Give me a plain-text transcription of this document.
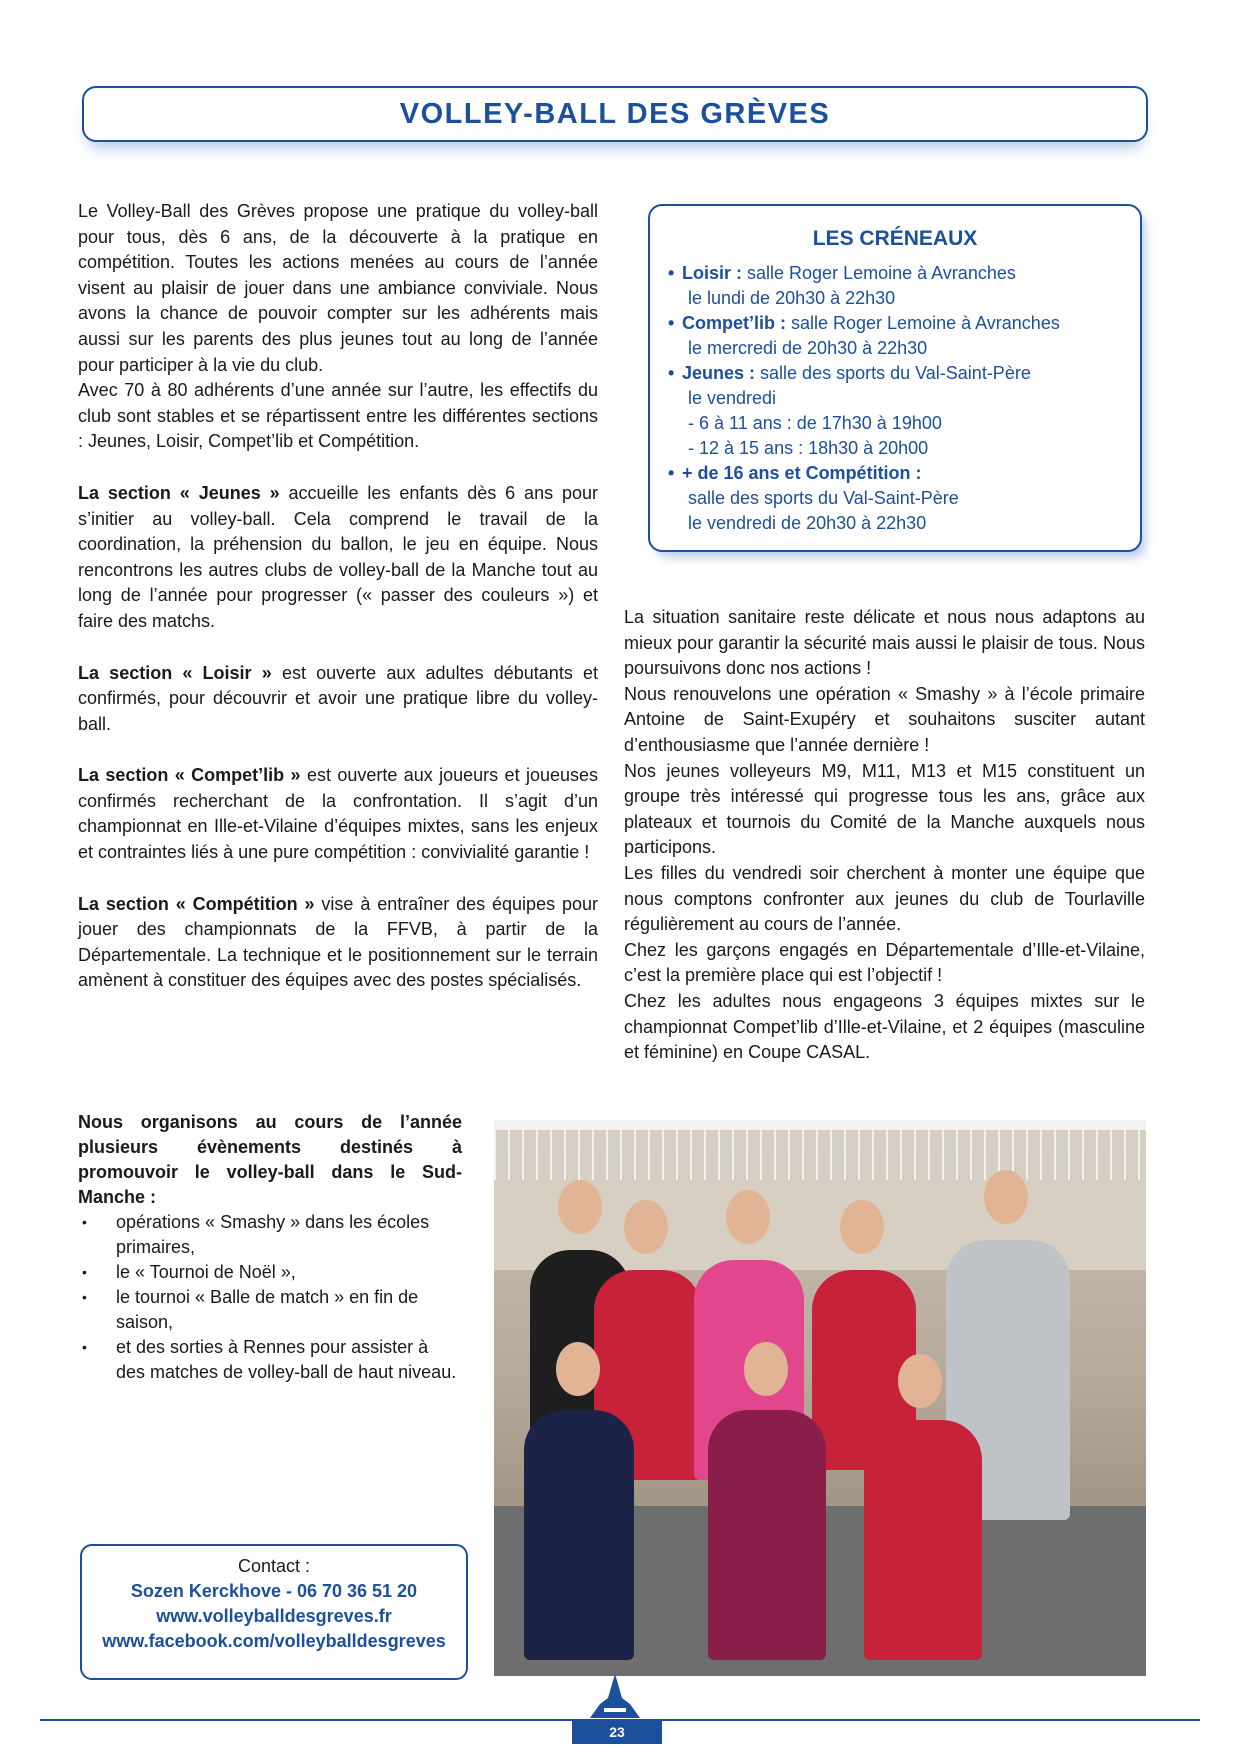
VOLLEY-BALL DES GRÈVES

Le Volley-Ball des Grèves propose une pratique du volley-ball pour tous, dès 6 ans, de la découverte à la pratique en compétition. Toutes les actions menées au cours de l’année visent au plaisir de jouer dans une ambiance conviviale. Nous avons la chance de pouvoir compter sur les adhérents mais aussi sur les parents des plus jeunes tout au long de l’année pour participer à la vie du club.
Avec 70 à 80 adhérents d’une année sur l’autre, les effectifs du club sont stables et se répartissent entre les différentes sections : Jeunes, Loisir, Compet’lib et Compétition.

La section « Jeunes » accueille les enfants dès 6 ans pour s’initier au volley-ball. Cela comprend le travail de la coordination, la préhension du ballon, le jeu en équipe. Nous rencontrons les autres clubs de volley-ball de la Manche tout au long de l’année pour progresser (« passer des couleurs ») et faire des matchs.

La section « Loisir » est ouverte aux adultes débutants et confirmés, pour découvrir et avoir une pratique libre du volley-ball.

La section « Compet’lib » est ouverte aux joueurs et joueuses confirmés recherchant de la confrontation. Il s’agit d’un championnat en Ille-et-Vilaine d’équipes mixtes, sans les enjeux et contraintes liés à une pure compétition : convivialité garantie !

La section « Compétition » vise à entraîner des équipes pour jouer des championnats de la FFVB, à partir de la Départementale. La technique et le positionnement sur le terrain amènent à constituer des équipes avec des postes spécialisés.

LES CRÉNEAUX
• Loisir : salle Roger Lemoine à Avranches
le lundi de 20h30 à 22h30
• Compet’lib : salle Roger Lemoine à Avranches
le mercredi de 20h30 à 22h30
• Jeunes : salle des sports du Val-Saint-Père
le vendredi
- 6 à 11 ans : de 17h30 à 19h00
- 12 à 15 ans : 18h30 à 20h00
• + de 16 ans et Compétition :
salle des sports du Val-Saint-Père
le vendredi de 20h30 à 22h30

La situation sanitaire reste délicate et nous nous adaptons au mieux pour garantir la sécurité mais aussi le plaisir de tous. Nous poursuivons donc nos actions !

Nous renouvelons une opération « Smashy » à l’école primaire Antoine de Saint-Exupéry et souhaitons susciter autant d’enthousiasme que l’année dernière !

Nos jeunes volleyeurs M9, M11, M13 et M15 constituent un groupe très intéressé qui progresse tous les ans, grâce aux plateaux et tournois du Comité de la Manche auxquels nous participons.

Les filles du vendredi soir cherchent à monter une équipe que nous comptons confronter aux jeunes du club de Tourlaville régulièrement au cours de l’année.

Chez les garçons engagés en Départementale d’Ille-et-Vilaine, c’est la première place qui est l’objectif !

Chez les adultes nous engageons 3 équipes mixtes sur le championnat Compet’lib d’Ille-et-Vilaine, et 2 équipes (masculine et féminine) en Coupe CASAL.

Nous organisons au cours de l’année plusieurs évènements destinés à promouvoir le volley-ball dans le Sud-Manche :

• opérations « Smashy » dans les écoles primaires,
• le « Tournoi de Noël »,
• le tournoi « Balle de match » en fin de saison,
• et des sorties à Rennes pour assister à des matches de volley-ball de haut niveau.
Contact :
Sozen Kerckhove - 06 70 36 51 20
www.volleyballdesgreves.fr
www.facebook.com/volleyballdesgreves
23
